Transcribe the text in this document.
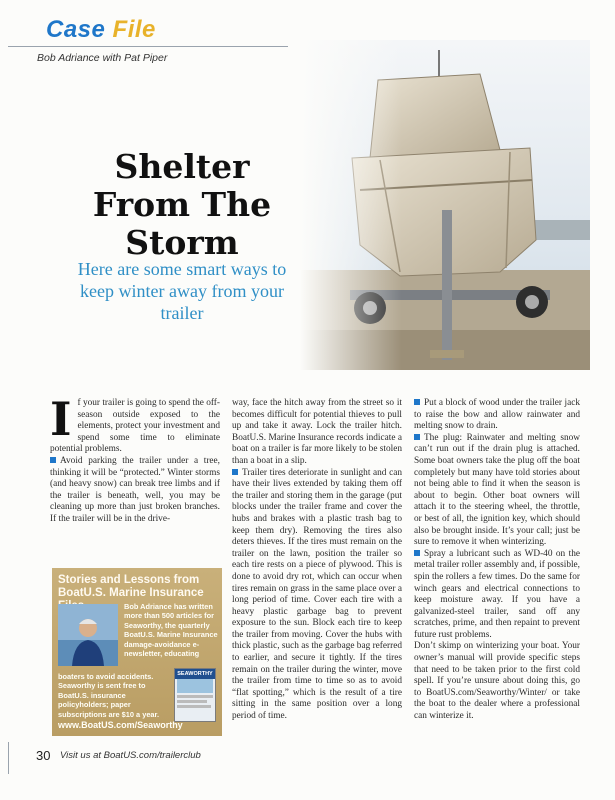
Case File
Bob Adriance with Pat Piper
Shelter From The Storm
Here are some smart ways to keep winter away from your trailer
I f your trailer is going to spend the off-season outside exposed to the elements, protect your investment and spend some time to eliminate potential problems.

Avoid parking the trailer under a tree, thinking it will be “protected.” Winter storms (and heavy snow) can break tree limbs and if the trailer is beneath, well, you may be cleaning up more than just broken branches. If the trailer will be in the drive-

way, face the hitch away from the street so it becomes difficult for potential thieves to pull up and take it away. Lock the trailer hitch. BoatU.S. Marine Insurance records indicate a boat on a trailer is far more likely to be stolen than a boat in a slip.

Trailer tires deteriorate in sunlight and can have their lives extended by taking them off the trailer and storing them in the garage (put blocks under the trailer frame and cover the hubs and brakes with a plastic trash bag to keep them dry). Removing the tires also deters thieves. If the tires must remain on the trailer on the lawn, position the trailer so each tire rests on a piece of plywood. This is done to avoid dry rot, which can occur when tires remain on grass in the same place over a long period of time. Cover each tire with a heavy plastic garbage bag to prevent exposure to the sun. Block each tire to keep the trailer from moving. Cover the hubs with thick plastic, such as the garbage bag referred to earlier, and secure it tightly. If the tires remain on the trailer during the winter, move the trailer from time to time so as to avoid “flat spotting,” which is the result of a tire sitting in the same position over a long period of time.

Put a block of wood under the trailer jack to raise the bow and allow rainwater and melting snow to drain.

The plug: Rainwater and melting snow can’t run out if the drain plug is attached. Some boat owners take the plug off the boat completely but many have told stories about not being able to find it when the season is about to begin. Other boat owners will attach it to the steering wheel, the throttle, or best of all, the ignition key, which should also be brought inside. It’s your call; just be sure to remove it when winterizing.

Spray a lubricant such as WD-40 on the metal trailer roller assembly and, if possible, spin the rollers a few times. Do the same for winch gears and electrical connections to keep moisture away. If you have a galvanized-steel trailer, sand off any scratches, prime, and then repaint to prevent future rust problems.

Don’t skimp on winterizing your boat. Your owner’s manual will provide specific steps that need to be taken prior to the first cold spell. If you’re unsure about doing this, go to BoatUS.com/Seaworthy/Winter/ or take the boat to the dealer where a professional can winterize it.

Stories and Lessons from BoatU.S. Marine Insurance
Bob Adriance has written more than 500 articles for Seaworthy, the quarterly BoatU.S. Marine Insurance damage-avoidance e-newsletter, educating
boaters to avoid accidents. Seaworthy is sent free to BoatU.S. insurance policyholders; paper subscriptions are $10 a year.
SEAWORTHY
www.BoatUS.com/Seaworthy
30 Visit us at BoatUS.com/trailerclub
